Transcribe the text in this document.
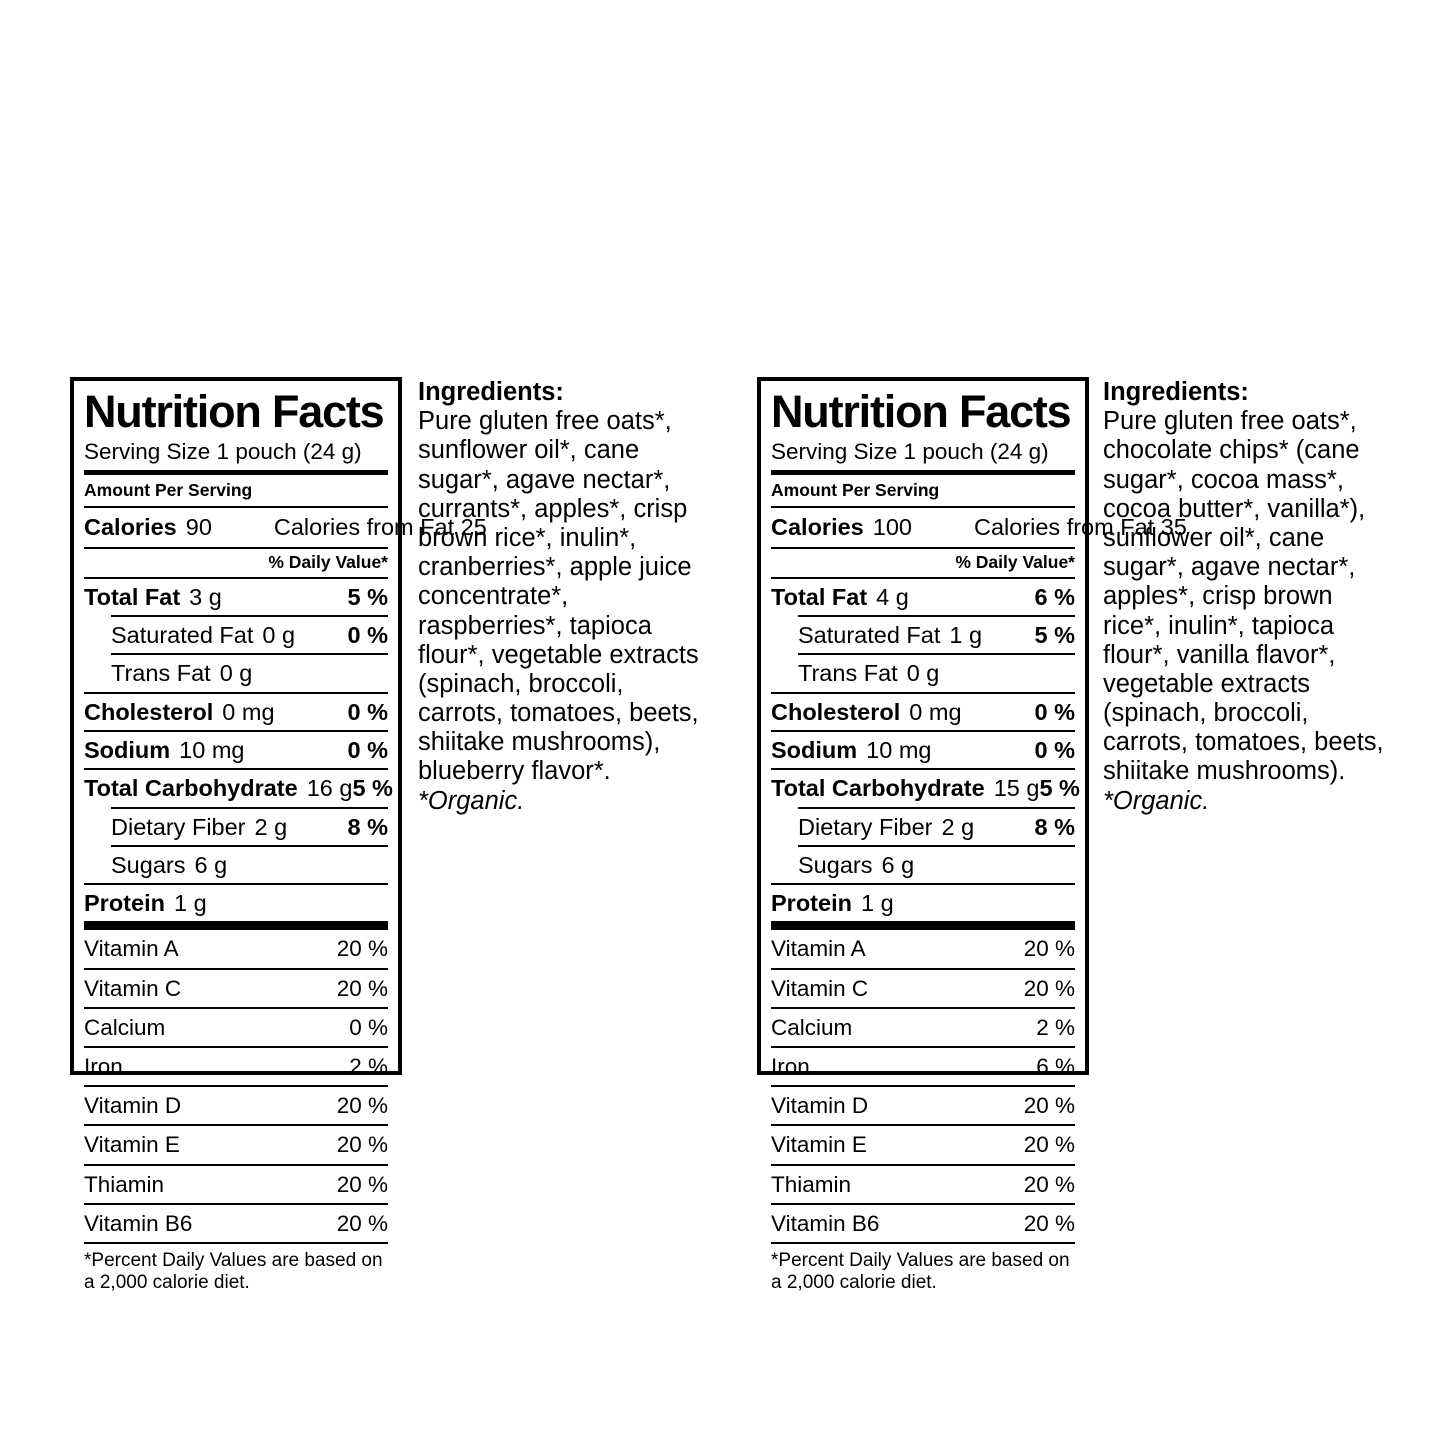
Nutrition Facts
Serving Size 1 pouch (24 g)
Amount Per Serving
Calories 90	Calories from Fat 25
% Daily Value*
Total Fat 3 g	5 %
Saturated Fat 0 g 0 %
Trans Fat 0 g
Cholesterol 0 mg	0 %
Sodium 10 mg	0 %
Total Carbohydrate 16 g 5 %
Dietary Fiber 2 g	8 %
Sugars 6 g
Protein 1 g
Vitamin A	20 %
Vitamin C	20 %
Calcium	0 %
Iron	2 %
Vitamin D	20 %
Vitamin E	20 %
Thiamin	20 %
Vitamin B6	20 %
*Percent Daily Values are based on a 2,000 calorie diet.
Ingredients:
Pure gluten free oats*, sunflower oil*, cane sugar*, agave nectar*, currants*, apples*, crisp brown rice*, inulin*, cranberries*, apple juice concentrate*, raspberries*, tapioca flour*, vegetable extracts (spinach, broccoli, carrots, tomatoes, beets, shiitake mushrooms), blueberry flavor*.
*Organic.
Nutrition Facts
Serving Size 1 pouch (24 g)
Amount Per Serving
Calories 100	Calories from Fat 35
% Daily Value*
Total Fat 4 g	6 %
Saturated Fat 1 g 5 %
Trans Fat 0 g
Cholesterol 0 mg	0 %
Sodium 10 mg	0 %
Total Carbohydrate 15 g 5 %
Dietary Fiber 2 g	8 %
Sugars 6 g
Protein 1 g
Vitamin A	20 %
Vitamin C	20 %
Calcium	2 %
Iron	6 %
Vitamin D	20 %
Vitamin E	20 %
Thiamin	20 %
Vitamin B6	20 %
*Percent Daily Values are based on a 2,000 calorie diet.
Ingredients:
Pure gluten free oats*, chocolate chips* (cane sugar*, cocoa mass*, cocoa butter*, vanilla*), sunflower oil*, cane sugar*, agave nectar*, apples*, crisp brown rice*, inulin*, tapioca flour*, vanilla flavor*, vegetable extracts (spinach, broccoli, carrots, tomatoes, beets, shiitake mushrooms).
*Organic.
